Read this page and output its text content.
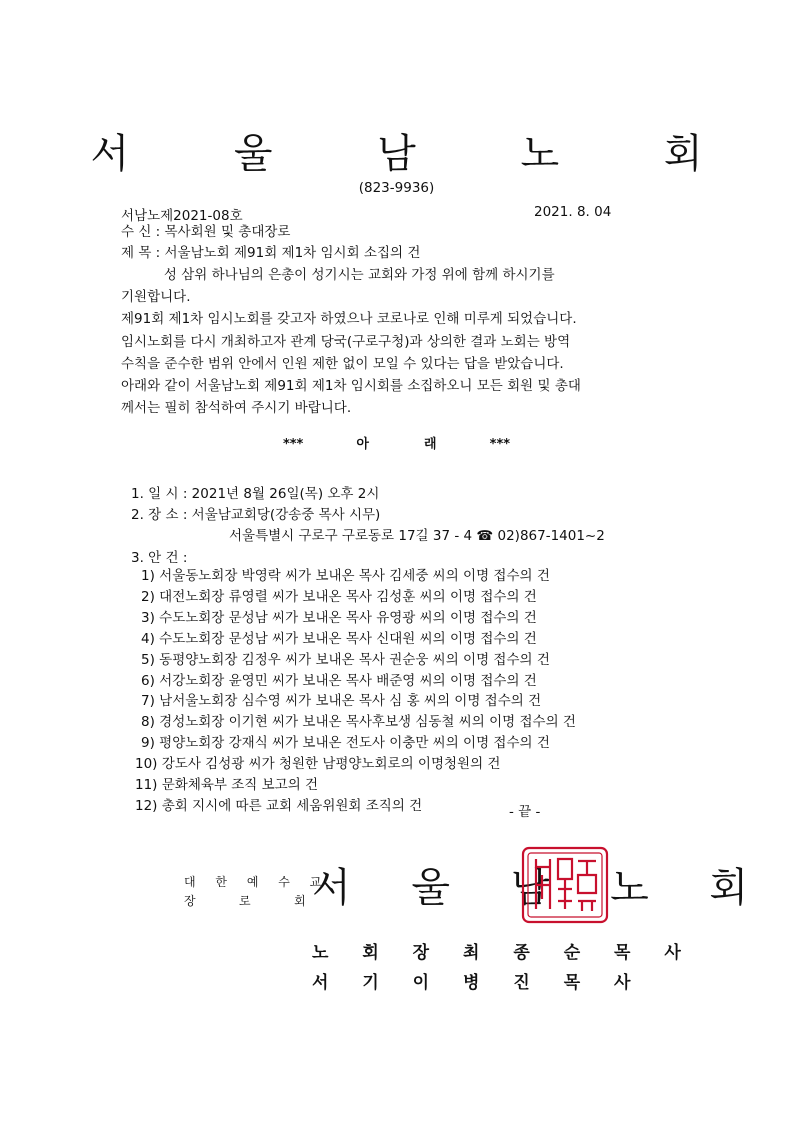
서 울 남 노 회
(823-9936)
서남노제2021-08호	2021. 8. 04
수 신 : 목사회원 및 총대장로
제 목 : 서울남노회 제91회 제1차 임시회 소집의 건
성 삼위 하나님의 은총이 성기시는 교회와 가정 위에 함께 하시기를
기원합니다.
제91회 제1차 임시노회를 갖고자 하였으나 코로나로 인해 미루게 되었습니다.
임시노회를 다시 개최하고자 관계 당국(구로구청)과 상의한 결과 노회는 방역
수칙을 준수한 범위 안에서 인원 제한 없이 모일 수 있다는 답을 받았습니다.
아래와 같이 서울남노회 제91회 제1차 임시회를 소집하오니 모든 회원 및 총대
께서는 필히 참석하여 주시기 바랍니다.
***	아	래	***
1. 일 시 : 2021년 8월 26일(목) 오후 2시
2. 장 소 : 서울남교회당(강송중 목사 시무)
서울특별시 구로구 구로동로 17길 37 - 4 ☎ 02)867-1401~2
3. 안 건 :
1) 서울동노회장 박영락 씨가 보내온 목사 김세중 씨의 이명 접수의 건
2) 대전노회장 류영렬 씨가 보내온 목사 김성훈 씨의 이명 접수의 건
3) 수도노회장 문성남 씨가 보내온 목사 유영광 씨의 이명 접수의 건
4) 수도노회장 문성남 씨가 보내온 목사 신대원 씨의 이명 접수의 건
5) 동평양노회장 김정우 씨가 보내온 목사 권순웅 씨의 이명 접수의 건
6) 서강노회장 윤영민 씨가 보내온 목사 배준영 씨의 이명 접수의 건
7) 남서울노회장 심수영 씨가 보내온 목사 심 홍 씨의 이명 접수의 건
8) 경성노회장 이기현 씨가 보내온 목사후보생 심동철 씨의 이명 접수의 건
9) 평양노회장 강재식 씨가 보내온 전도사 이충만 씨의 이명 접수의 건
10) 강도사 김성광 씨가 청원한 남평양노회로의 이명청원의 건
11) 문화체육부 조직 보고의 건
12) 총회 지시에 따른 교회 세움위원회 조직의 건	- 끝 -
대 한 예 수 교
장   로   회
서 울 남 노 회
노 회 장 최 종 순 목 사
서 기 이 병 진 목 사
